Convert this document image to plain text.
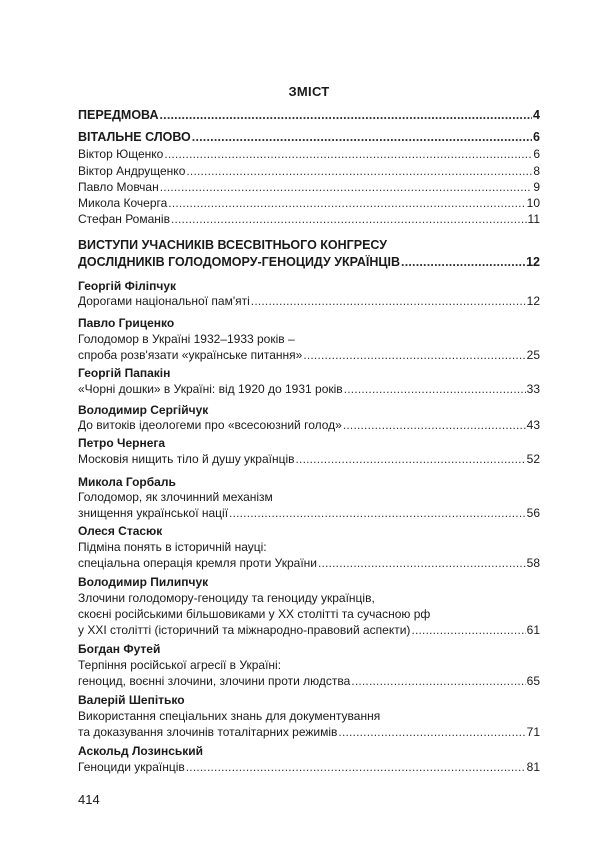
ЗМІСТ
ПЕРЕДМОВА .....	4
ВІТАЛЬНЕ СЛОВО .....	6
Віктор Ющенко .....	6
Віктор Андрущенко .....	8
Павло Мовчан .....	9
Микола Кочерга .....	10
Стефан Романів .....	11
ВИСТУПИ УЧАСНИКІВ ВСЕСВІТНЬОГО КОНГРЕСУ
ДОСЛІДНИКІВ ГОЛОДОМОРУ-ГЕНОЦИДУ УКРАЇНЦІВ .....	12
Георгій Філіпчук
Дорогами національної пам'яті .....	12
Павло Гриценко
Голодомор в Україні 1932–1933 років –
спроба розв'язати «українське питання» .....	25
Георгій Папакін
«Чорні дошки» в Україні: від 1920 до 1931 років .....	33
Володимир Сергійчук
До витоків ідеологеми про «всесоюзний голод» .....	43
Петро Чернега
Московія нищить тіло й душу українців .....	52
Микола Горбаль
Голодомор, як злочинний механізм
знищення української нації .....	56
Олеся Стасюк
Підміна понять в історичній науці:
спеціальна операція кремля проти України .....	58
Володимир Пилипчук
Злочини голодомору-геноциду та геноциду українців,
скоєні російськими більшовиками у ХХ столітті та сучасною рф
у ХХІ столітті (історичний та міжнародно-правовий аспекти) .....	61
Богдан Футей
Терпіння російської агресії в Україні:
геноцид, воєнні злочини, злочини проти людства .....	65
Валерій Шепітько
Використання спеціальних знань для документування
та доказування злочинів тоталітарних режимів .....	71
Аскольд Лозинський
Геноциди українців .....	81
414
